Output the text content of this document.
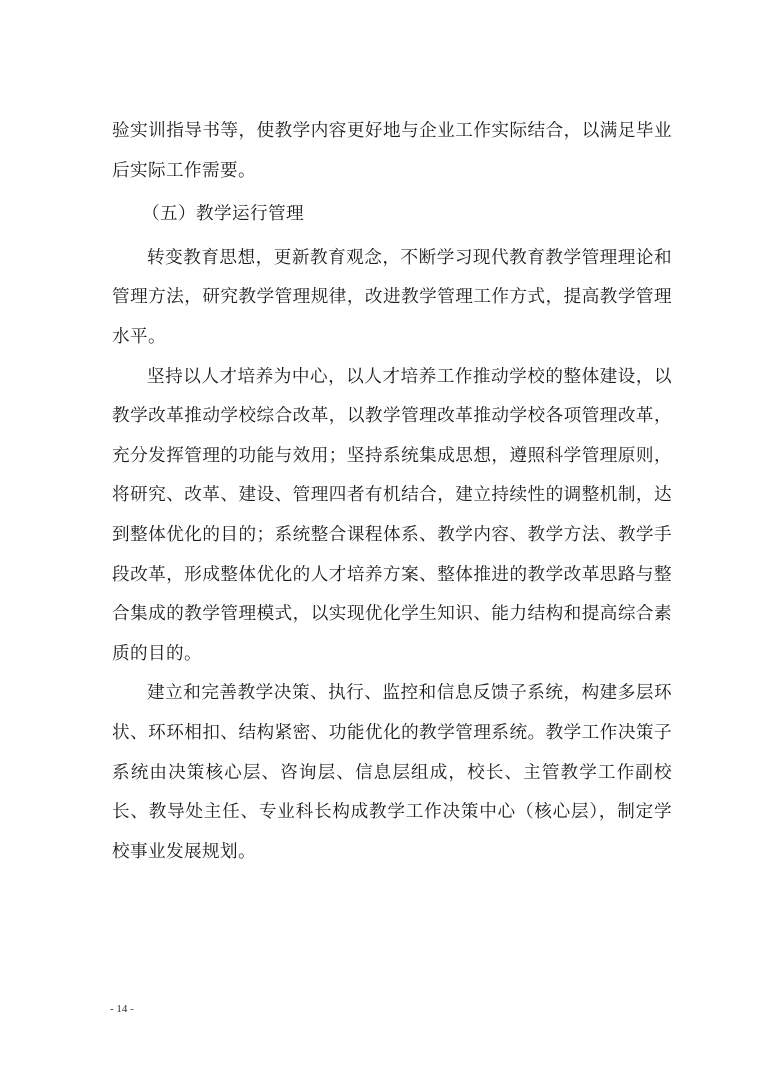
验实训指导书等，使教学内容更好地与企业工作实际结合，以满足毕业后实际工作需要。

（五）教学运行管理

转变教育思想，更新教育观念，不断学习现代教育教学管理理论和管理方法，研究教学管理规律，改进教学管理工作方式，提高教学管理水平。

坚持以人才培养为中心，以人才培养工作推动学校的整体建设，以教学改革推动学校综合改革，以教学管理改革推动学校各项管理改革，充分发挥管理的功能与效用；坚持系统集成思想，遵照科学管理原则，将研究、改革、建设、管理四者有机结合，建立持续性的调整机制，达到整体优化的目的；系统整合课程体系、教学内容、教学方法、教学手段改革，形成整体优化的人才培养方案、整体推进的教学改革思路与整合集成的教学管理模式，以实现优化学生知识、能力结构和提高综合素质的目的。

建立和完善教学决策、执行、监控和信息反馈子系统，构建多层环状、环环相扣、结构紧密、功能优化的教学管理系统。教学工作决策子系统由决策核心层、咨询层、信息层组成，校长、主管教学工作副校长、教导处主任、专业科长构成教学工作决策中心（核心层），制定学校事业发展规划。

- 14 -
